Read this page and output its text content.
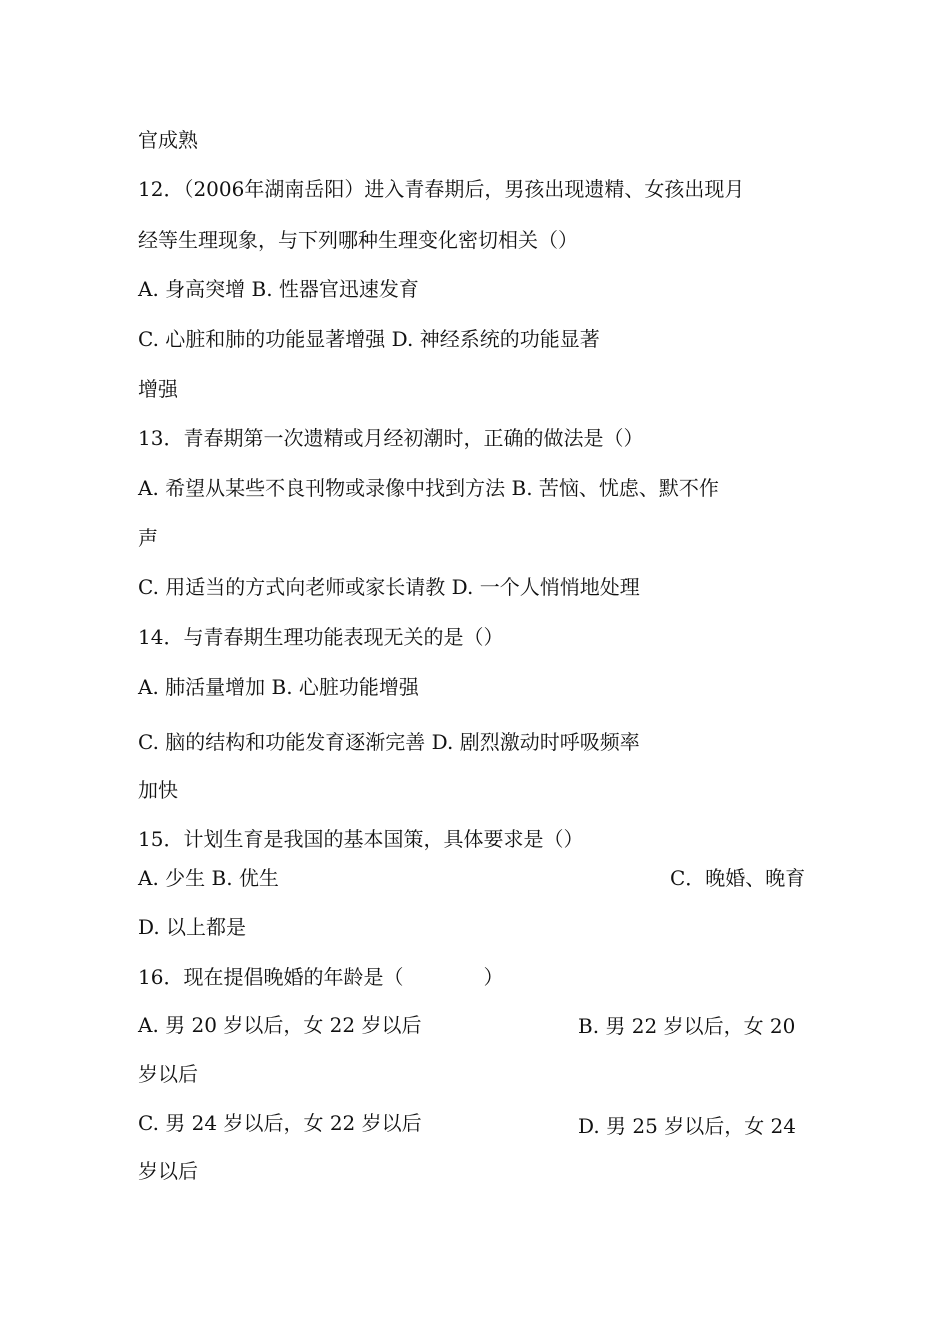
官成熟
12．（2006年湖南岳阳）进入青春期后，男孩出现遗精、女孩出现月
经等生理现象，与下列哪种生理变化密切相关（）
A. 身高突增 B. 性器官迅速发育
C. 心脏和肺的功能显著增强 D. 神经系统的功能显著
增强
13．青春期第一次遗精或月经初潮时，正确的做法是（）
A. 希望从某些不良刊物或录像中找到方法 B. 苦恼、忧虑、默不作
声
C. 用适当的方式向老师或家长请教 D. 一个人悄悄地处理
14．与青春期生理功能表现无关的是（）
A. 肺活量增加 B. 心脏功能增强
C. 脑的结构和功能发育逐渐完善 D. 剧烈激动时呼吸频率
加快
15．计划生育是我国的基本国策，具体要求是（）
A. 少生 B. 优生	C．晚婚、晚育
D. 以上都是
16．现在提倡晚婚的年龄是（　　　　）
A. 男 20 岁以后，女 22 岁以后	B. 男 22 岁以后，女 20
岁以后
C. 男 24 岁以后，女 22 岁以后	D. 男 25 岁以后，女 24
岁以后
